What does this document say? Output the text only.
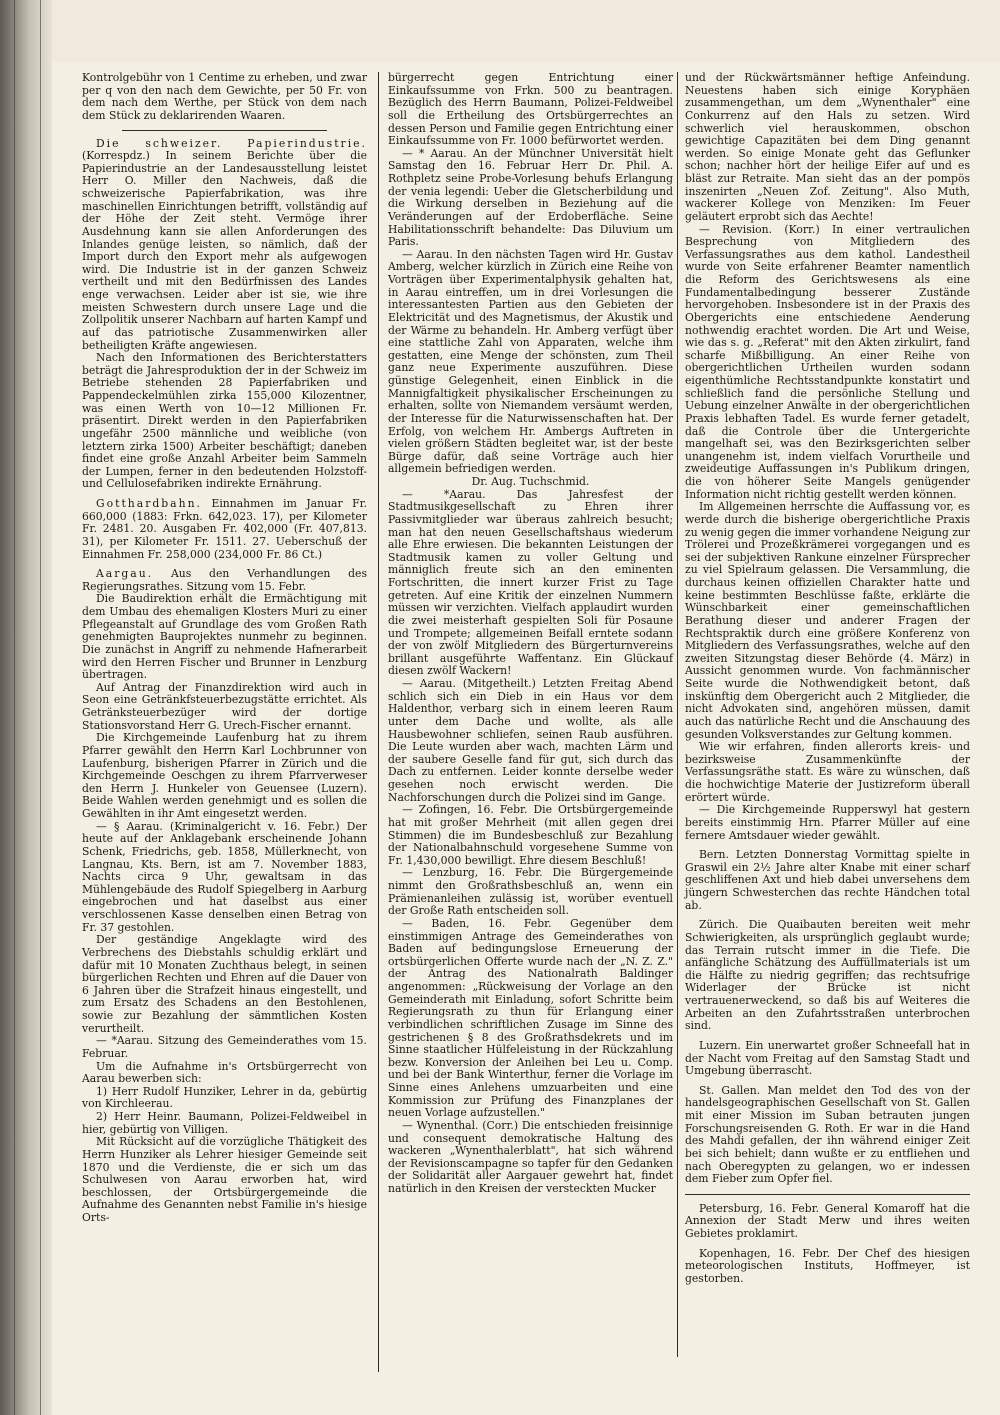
Kontrolgebühr von 1 Centime zu erheben, und zwar per q von den nach dem Gewichte, per 50 Fr. von dem nach dem Werthe, per Stück von dem nach dem Stück zu deklarirenden Waaren.

Die schweizer. Papierindustrie. (Korrespdz.) In seinem Berichte über die Papierindustrie an der Landesausstellung leistet Herr O. Miller den Nachweis, daß die schweizerische Papierfabrikation, was ihre maschinellen Einrichtungen betrifft, vollständig auf der Höhe der Zeit steht. Vermöge ihrer Ausdehnung kann sie allen Anforderungen des Inlandes genüge leisten, so nämlich, daß der Import durch den Export mehr als aufgewogen wird. Die Industrie ist in der ganzen Schweiz vertheilt und mit den Bedürfnissen des Landes enge verwachsen. Leider aber ist sie, wie ihre meisten Schwestern durch unsere Lage und die Zollpolitik unserer Nachbarn auf harten Kampf und auf das patriotische Zusammenwirken aller betheiligten Kräfte angewiesen.

Nach den Informationen des Berichterstatters beträgt die Jahresproduktion der in der Schweiz im Betriebe stehenden 28 Papierfabriken und Pappendeckelmühlen zirka 155,000 Kilozentner, was einen Werth von 10—12 Millionen Fr. präsentirt. Direkt werden in den Papierfabriken ungefähr 2500 männliche und weibliche (von letztern zirka 1500) Arbeiter beschäftigt; daneben findet eine große Anzahl Arbeiter beim Sammeln der Lumpen, ferner in den bedeutenden Holzstoff- und Cellulosefabriken indirekte Ernährung.

Gotthardbahn. Einnahmen im Januar Fr. 660,000 (1883: Frkn. 642,023. 17), per Kilometer Fr. 2481. 20. Ausgaben Fr. 402,000 (Fr. 407,813. 31), per Kilometer Fr. 1511. 27. Ueberschuß der Einnahmen Fr. 258,000 (234,000 Fr. 86 Ct.)

Aargau. Aus den Verhandlungen des Regierungsrathes. Sitzung vom 15. Febr.

Die Baudirektion erhält die Ermächtigung mit dem Umbau des ehemaligen Klosters Muri zu einer Pflegeanstalt auf Grundlage des vom Großen Rath genehmigten Bauprojektes nunmehr zu beginnen. Die zunächst in Angriff zu nehmende Hafnerarbeit wird den Herren Fischer und Brunner in Lenzburg übertragen.

Auf Antrag der Finanzdirektion wird auch in Seon eine Getränkfsteuerbezugstätte errichtet. Als Getränksteuerbezüger wird der dortige Stationsvorstand Herr G. Urech-Fischer ernannt.

Die Kirchgemeinde Laufenburg hat zu ihrem Pfarrer gewählt den Herrn Karl Lochbrunner von Laufenburg, bisherigen Pfarrer in Zürich und die Kirchgemeinde Oeschgen zu ihrem Pfarrverweser den Herrn J. Hunkeler von Geuensee (Luzern). Beide Wahlen werden genehmigt und es sollen die Gewählten in ihr Amt eingesetzt werden.

— § Aarau. (Kriminalgericht v. 16. Febr.) Der heute auf der Anklagebank erscheinende Johann Schenk, Friedrichs, geb. 1858, Müllerknecht, von Langnau, Kts. Bern, ist am 7. November 1883, Nachts circa 9 Uhr, gewaltsam in das Mühlengebäude des Rudolf Spiegelberg in Aarburg eingebrochen und hat daselbst aus einer verschlossenen Kasse denselben einen Betrag von Fr. 37 gestohlen.

Der geständige Angeklagte wird des Verbrechens des Diebstahls schuldig erklärt und dafür mit 10 Monaten Zuchthaus belegt, in seinen bürgerlichen Rechten und Ehren auf die Dauer von 6 Jahren über die Strafzeit hinaus eingestellt, und zum Ersatz des Schadens an den Bestohlenen, sowie zur Bezahlung der sämmtlichen Kosten verurtheilt.

— *Aarau. Sitzung des Gemeinderathes vom 15. Februar.

Um die Aufnahme in's Ortsbürgerrecht von Aarau bewerben sich:

1) Herr Rudolf Hunziker, Lehrer in da, gebürtig von Kirchleerau.

2) Herr Heinr. Baumann, Polizei-Feldweibel in hier, gebürtig von Villigen.

Mit Rücksicht auf die vorzügliche Thätigkeit des Herrn Hunziker als Lehrer hiesiger Gemeinde seit 1870 und die Verdienste, die er sich um das Schulwesen von Aarau erworben hat, wird beschlossen, der Ortsbürgergemeinde die Aufnahme des Genannten nebst Familie in's hiesige Orts-

bürgerrecht gegen Entrichtung einer Einkaufssumme von Frkn. 500 zu beantragen. Bezüglich des Herrn Baumann, Polizei-Feldweibel soll die Ertheilung des Ortsbürgerrechtes an dessen Person und Familie gegen Entrichtung einer Einkaufssumme von Fr. 1000 befürwortet werden.

— * Aarau. An der Münchner Universität hielt Samstag den 16. Februar Herr Dr. Phil. A. Rothpletz seine Probe-Vorlesung behufs Erlangung der venia legendi: Ueber die Gletscherbildung und die Wirkung derselben in Beziehung auf die Veränderungen auf der Erdoberfläche. Seine Habilitationsschrift behandelte: Das Diluvium um Paris.

— Aarau. In den nächsten Tagen wird Hr. Gustav Amberg, welcher kürzlich in Zürich eine Reihe von Vorträgen über Experimentalphysik gehalten hat, in Aarau eintreffen, um in drei Vorlesungen die interessantesten Partien aus den Gebieten der Elektricität und des Magnetismus, der Akustik und der Wärme zu behandeln. Hr. Amberg verfügt über eine stattliche Zahl von Apparaten, welche ihm gestatten, eine Menge der schönsten, zum Theil ganz neue Experimente auszuführen. Diese günstige Gelegenheit, einen Einblick in die Mannigfaltigkeit physikalischer Erscheinungen zu erhalten, sollte von Niemandem versäumt werden, der Interesse für die Naturwissenschaften hat. Der Erfolg, von welchem Hr. Ambergs Auftreten in vielen größern Städten begleitet war, ist der beste Bürge dafür, daß seine Vorträge auch hier allgemein befriedigen werden.

Dr. Aug. Tuchschmid.

— *Aarau. Das Jahresfest der Stadtmusikgesellschaft zu Ehren ihrer Passivmitglieder war überaus zahlreich besucht; man hat den neuen Gesellschaftshaus wiederum alle Ehre erwiesen. Die bekannten Leistungen der Stadtmusik kamen zu voller Geltung und männiglich freute sich an den eminenten Fortschritten, die innert kurzer Frist zu Tage getreten. Auf eine Kritik der einzelnen Nummern müssen wir verzichten. Vielfach applaudirt wurden die zwei meisterhaft gespielten Soli für Posaune und Trompete; allgemeinen Beifall erntete sodann der von zwölf Mitgliedern des Bürgerturnvereins brillant ausgeführte Waffentanz. Ein Glückauf diesen zwölf Wackern!

— Aarau. (Mitgetheilt.) Letzten Freitag Abend schlich sich ein Dieb in ein Haus vor dem Haldenthor, verbarg sich in einem leeren Raum unter dem Dache und wollte, als alle Hausbewohner schliefen, seinen Raub ausführen. Die Leute wurden aber wach, machten Lärm und der saubere Geselle fand für gut, sich durch das Dach zu entfernen. Leider konnte derselbe weder gesehen noch erwischt werden. Die Nachforschungen durch die Polizei sind im Gange.

— Zofingen, 16. Febr. Die Ortsbürgergemeinde hat mit großer Mehrheit (mit allen gegen drei Stimmen) die im Bundesbeschluß zur Bezahlung der Nationalbahnschuld vorgesehene Summe von Fr. 1,430,000 bewilligt. Ehre diesem Beschluß!

— Lenzburg, 16. Febr. Die Bürgergemeinde nimmt den Großrathsbeschluß an, wenn ein Prämienanleihen zulässig ist, worüber eventuell der Große Rath entscheiden soll.

— Baden, 16. Febr. Gegenüber dem einstimmigen Antrage des Gemeinderathes von Baden auf bedingungslose Erneuerung der ortsbürgerlichen Offerte wurde nach der „N. Z. Z." der Antrag des Nationalrath Baldinger angenommen: „Rückweisung der Vorlage an den Gemeinderath mit Einladung, sofort Schritte beim Regierungsrath zu thun für Erlangung einer verbindlichen schriftlichen Zusage im Sinne des gestrichenen § 8 des Großrathsdekrets und im Sinne staatlicher Hülfeleistung in der Rückzahlung bezw. Konversion der Anleihen bei Leu u. Comp. und bei der Bank Winterthur, ferner die Vorlage im Sinne eines Anlehens umzuarbeiten und eine Kommission zur Prüfung des Finanzplanes der neuen Vorlage aufzustellen."

— Wynenthal. (Corr.) Die entschieden freisinnige und consequent demokratische Haltung des wackeren „Wynenthalerblatt", hat sich während der Revisionscampagne so tapfer für den Gedanken der Solidarität aller Aargauer gewehrt hat, findet natürlich in den Kreisen der versteckten Mucker

und der Rückwärtsmänner heftige Anfeindung. Neuestens haben sich einige Koryphäen zusammengethan, um dem „Wynenthaler" eine Conkurrenz auf den Hals zu setzen. Wird schwerlich viel herauskommen, obschon gewichtige Capazitäten bei dem Ding genannt werden. So einige Monate geht das Geflunker schon; nachher hört der heilige Eifer auf und es bläst zur Retraite. Man sieht das an der pompös inszenirten „Neuen Zof. Zeitung". Also Muth, wackerer Kollege von Menziken: Im Feuer geläutert erprobt sich das Aechte!

— Revision. (Korr.) In einer vertraulichen Besprechung von Mitgliedern des Verfassungsrathes aus dem kathol. Landestheil wurde von Seite erfahrener Beamter namentlich die Reform des Gerichtswesens als eine Fundamentalbedingung besserer Zustände hervorgehoben. Insbesondere ist in der Praxis des Obergerichts eine entschiedene Aenderung nothwendig erachtet worden. Die Art und Weise, wie das s. g. „Referat" mit den Akten zirkulirt, fand scharfe Mißbilligung. An einer Reihe von obergerichtlichen Urtheilen wurden sodann eigenthümliche Rechtsstandpunkte konstatirt und schließlich fand die persönliche Stellung und Uebung einzelner Anwälte in der obergerichtlichen Praxis lebhaften Tadel. Es wurde ferner getadelt, daß die Controle über die Untergerichte mangelhaft sei, was den Bezirksgerichten selber unangenehm ist, indem vielfach Vorurtheile und zweideutige Auffassungen in's Publikum dringen, die von höherer Seite Mangels genügender Information nicht richtig gestellt werden können.

Im Allgemeinen herrschte die Auffassung vor, es werde durch die bisherige obergerichtliche Praxis zu wenig gegen die immer vorhandene Neigung zur Trölerei und Prozeßkrämerei vorgegangen und es sei der subjektiven Rankune einzelner Fürsprecher zu viel Spielraum gelassen. Die Versammlung, die durchaus keinen offiziellen Charakter hatte und keine bestimmten Beschlüsse faßte, erklärte die Wünschbarkeit einer gemeinschaftlichen Berathung dieser und anderer Fragen der Rechtspraktik durch eine größere Konferenz von Mitgliedern des Verfassungsrathes, welche auf den zweiten Sitzungstag dieser Behörde (4. März) in Aussicht genommen wurde. Von fachmännischer Seite wurde die Nothwendigkeit betont, daß inskünftig dem Obergericht auch 2 Mitglieder, die nicht Advokaten sind, angehören müssen, damit auch das natürliche Recht und die Anschauung des gesunden Volksverstandes zur Geltung kommen.

Wie wir erfahren, finden allerorts kreis- und bezirksweise Zusammenkünfte der Verfassungsräthe statt. Es wäre zu wünschen, daß die hochwichtige Materie der Justizreform überall erörtert würde.

— Die Kirchgemeinde Rupperswyl hat gestern bereits einstimmig Hrn. Pfarrer Müller auf eine fernere Amtsdauer wieder gewählt.

Bern. Letzten Donnerstag Vormittag spielte in Graswil ein 2½ Jahre alter Knabe mit einer scharf geschliffenen Axt und hieb dabei unversehens dem jüngern Schwesterchen das rechte Händchen total ab.

Zürich. Die Quaibauten bereiten weit mehr Schwierigkeiten, als ursprünglich geglaubt wurde; das Terrain rutscht immer in die Tiefe. Die anfängliche Schätzung des Auffüllmaterials ist um die Hälfte zu niedrig gegriffen; das rechtsufrige Widerlager der Brücke ist nicht vertrauenerweckend, so daß bis auf Weiteres die Arbeiten an den Zufahrtsstraßen unterbrochen sind.

Luzern. Ein unerwartet großer Schneefall hat in der Nacht vom Freitag auf den Samstag Stadt und Umgebung überrascht.

St. Gallen. Man meldet den Tod des von der handelsgeographischen Gesellschaft von St. Gallen mit einer Mission im Suban betrauten jungen Forschungsreisenden G. Roth. Er war in die Hand des Mahdi gefallen, der ihn während einiger Zeit bei sich behielt; dann wußte er zu entfliehen und nach Oberegypten zu gelangen, wo er indessen dem Fieber zum Opfer fiel.

Petersburg, 16. Febr. General Komaroff hat die Annexion der Stadt Merw und ihres weiten Gebietes proklamirt.

Kopenhagen, 16. Febr. Der Chef des hiesigen meteorologischen Instituts, Hoffmeyer, ist gestorben.
